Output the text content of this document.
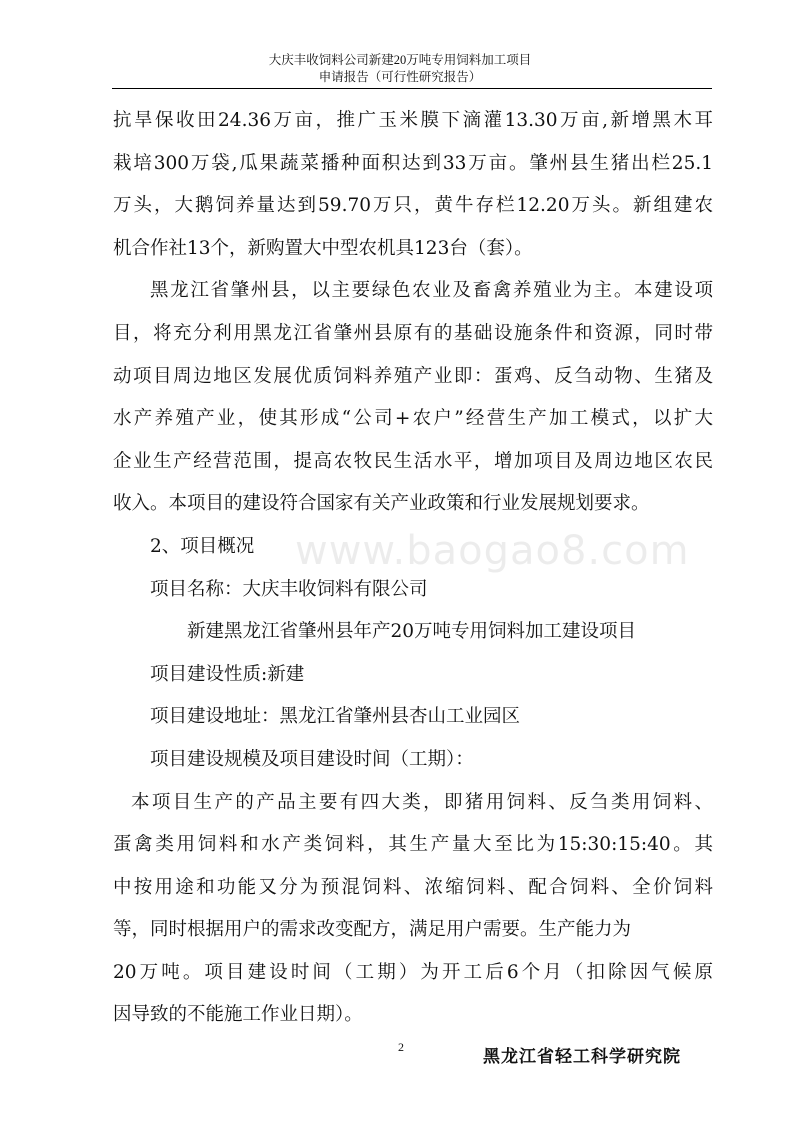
大庆丰收饲料公司新建20万吨专用饲料加工项目
申请报告（可行性研究报告）
www.baogao8.com
抗旱保收田24.36万亩，推广玉米膜下滴灌13.30万亩,新增黑木耳
栽培300万袋,瓜果蔬菜播种面积达到33万亩。肇州县生猪出栏25.1
万头，大鹅饲养量达到59.70万只，黄牛存栏12.20万头。新组建农
机合作社13个，新购置大中型农机具123台（套）。
黑龙江省肇州县，以主要绿色农业及畜禽养殖业为主。本建设项
目，将充分利用黑龙江省肇州县原有的基础设施条件和资源，同时带
动项目周边地区发展优质饲料养殖产业即：蛋鸡、反刍动物、生猪及
水产养殖产业，使其形成“公司+农户”经营生产加工模式，以扩大
企业生产经营范围，提高农牧民生活水平，增加项目及周边地区农民
收入。本项目的建设符合国家有关产业政策和行业发展规划要求。
2、项目概况
项目名称：大庆丰收饲料有限公司
新建黑龙江省肇州县年产20万吨专用饲料加工建设项目
项目建设性质:新建
项目建设地址：黑龙江省肇州县杏山工业园区
项目建设规模及项目建设时间（工期）：
本项目生产的产品主要有四大类，即猪用饲料、反刍类用饲料、
蛋禽类用饲料和水产类饲料，其生产量大至比为15:30:15:40。其
中按用途和功能又分为预混饲料、浓缩饲料、配合饲料、全价饲料
等，同时根据用户的需求改变配方，满足用户需要。生产能力为
20万吨。项目建设时间（工期）为开工后6个月（扣除因气候原
因导致的不能施工作业日期）。
2	黑龙江省轻工科学研究院
